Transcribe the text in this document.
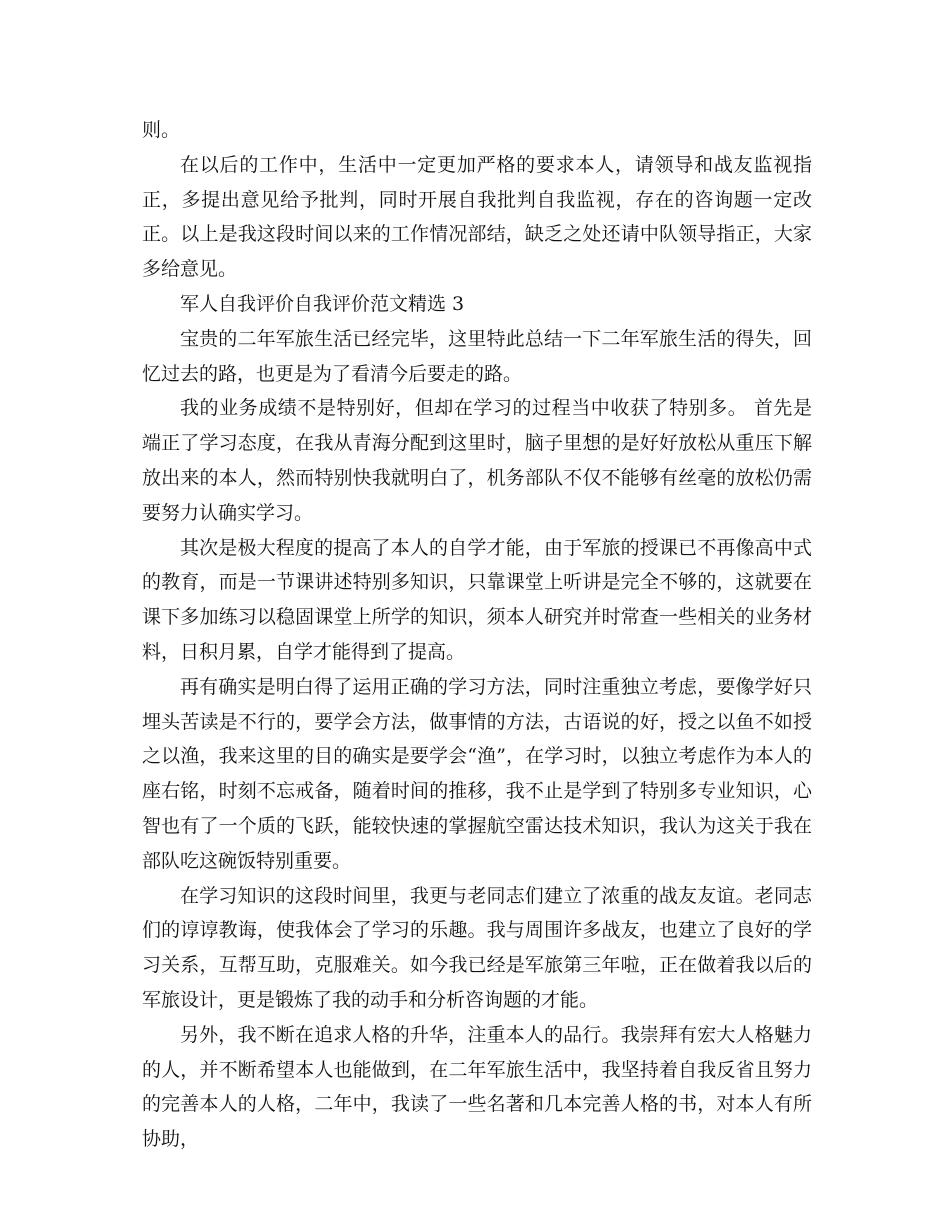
则。

在以后的工作中，生活中一定更加严格的要求本人，请领导和战友监视指正，多提出意见给予批判，同时开展自我批判自我监视，存在的咨询题一定改正。以上是我这段时间以来的工作情况部结，缺乏之处还请中队领导指正，大家多给意见。

军人自我评价自我评价范文精选 3

宝贵的二年军旅生活已经完毕，这里特此总结一下二年军旅生活的得失，回忆过去的路，也更是为了看清今后要走的路。

我的业务成绩不是特别好，但却在学习的过程当中收获了特别多。 首先是端正了学习态度，在我从青海分配到这里时，脑子里想的是好好放松从重压下解放出来的本人，然而特别快我就明白了，机务部队不仅不能够有丝毫的放松仍需要努力认确实学习。

其次是极大程度的提高了本人的自学才能，由于军旅的授课已不再像高中式的教育，而是一节课讲述特别多知识，只靠课堂上听讲是完全不够的，这就要在课下多加练习以稳固课堂上所学的知识，须本人研究并时常查一些相关的业务材料，日积月累，自学才能得到了提高。

再有确实是明白得了运用正确的学习方法，同时注重独立考虑，要像学好只埋头苦读是不行的，要学会方法，做事情的方法，古语说的好，授之以鱼不如授之以渔，我来这里的目的确实是要学会“渔”，在学习时，以独立考虑作为本人的座右铭，时刻不忘戒备，随着时间的推移，我不止是学到了特别多专业知识，心智也有了一个质的飞跃，能较快速的掌握航空雷达技术知识，我认为这关于我在部队吃这碗饭特别重要。

在学习知识的这段时间里，我更与老同志们建立了浓重的战友友谊。老同志们的谆谆教诲，使我体会了学习的乐趣。我与周围许多战友，也建立了良好的学习关系，互帮互助，克服难关。如今我已经是军旅第三年啦，正在做着我以后的军旅设计，更是锻炼了我的动手和分析咨询题的才能。

另外，我不断在追求人格的升华，注重本人的品行。我崇拜有宏大人格魅力的人，并不断希望本人也能做到，在二年军旅生活中，我坚持着自我反省且努力的完善本人的人格，二年中，我读了一些名著和几本完善人格的书，对本人有所协助，
